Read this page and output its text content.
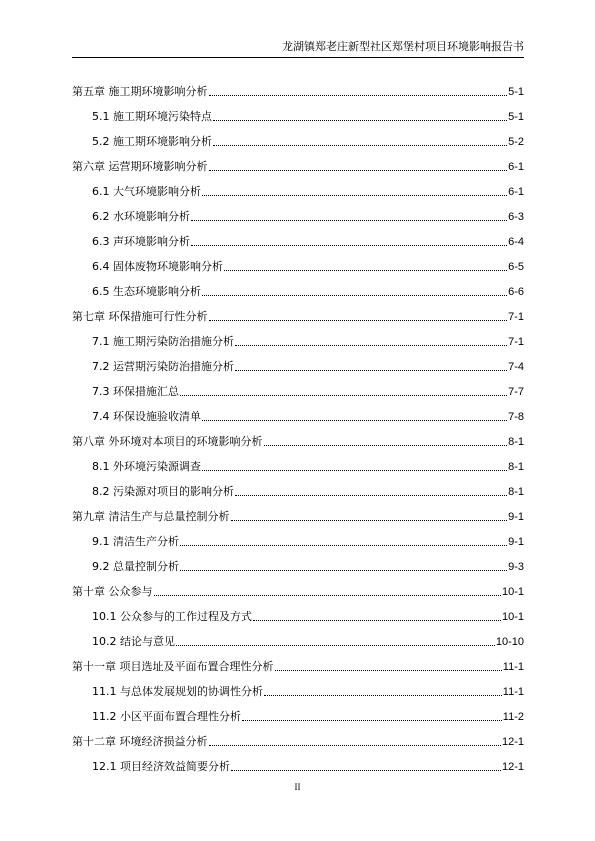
龙湖镇郑老庄新型社区郑堡村项目环境影响报告书
第五章 施工期环境影响分析	5-1
5.1 施工期环境污染特点	5-1
5.2 施工期环境影响分析	5-2
第六章 运营期环境影响分析	6-1
6.1 大气环境影响分析	6-1
6.2 水环境影响分析	6-3
6.3 声环境影响分析	6-4
6.4 固体废物环境影响分析	6-5
6.5 生态环境影响分析	6-6
第七章 环保措施可行性分析	7-1
7.1 施工期污染防治措施分析	7-1
7.2 运营期污染防治措施分析	7-4
7.3 环保措施汇总	7-7
7.4 环保设施验收清单	7-8
第八章 外环境对本项目的环境影响分析	8-1
8.1 外环境污染源调查	8-1
8.2 污染源对项目的影响分析	8-1
第九章 清洁生产与总量控制分析	9-1
9.1 清洁生产分析	9-1
9.2 总量控制分析	9-3
第十章 公众参与	10-1
10.1 公众参与的工作过程及方式	10-1
10.2 结论与意见	10-10
第十一章 项目选址及平面布置合理性分析	11-1
11.1 与总体发展规划的协调性分析	11-1
11.2 小区平面布置合理性分析	11-2
第十二章 环境经济损益分析	12-1
12.1 项目经济效益简要分析	12-1
II
